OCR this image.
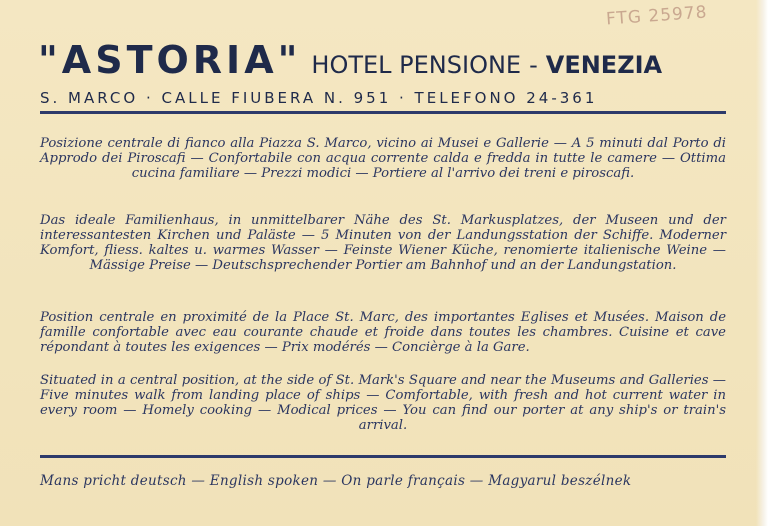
FTG 25978
"ASTORIA" HOTEL PENSIONE - VENEZIA
S. MARCO · CALLE FIUBERA N. 951 · TELEFONO 24-361
Posizione centrale di fianco alla Piazza S. Marco, vicino ai Musei e Gallerie — A 5 minuti dal Porto di Approdo dei Piroscafi — Confortabile con acqua corrente calda e fredda in tutte le camere — Ottima cucina familiare — Prezzi modici — Portiere al l'arrivo dei treni e piroscafi.
Das ideale Familienhaus, in unmittelbarer Nähe des St. Markusplatzes, der Museen und der interessantesten Kirchen und Paläste — 5 Minuten von der Landungsstation der Schiffe. Moderner Komfort, fliess. kaltes u. warmes Wasser — Feinste Wiener Küche, renomierte italienische Weine — Mässige Preise — Deutschsprechender Portier am Bahnhof und an der Landungstation.
Position centrale en proximité de la Place St. Marc, des importantes Eglises et Musées. Maison de famille confortable avec eau courante chaude et froide dans toutes les chambres. Cuisine et cave répondant à toutes les exigences — Prix modérés — Concièrge à la Gare.
Situated in a central position, at the side of St. Mark's Square and near the Museums and Galleries — Five minutes walk from landing place of ships — Comfortable, with fresh and hot current water in every room — Homely cooking — Modical prices — You can find our porter at any ship's or train's arrival.
Mans pricht deutsch — English spoken — On parle français — Magyarul beszélnek
